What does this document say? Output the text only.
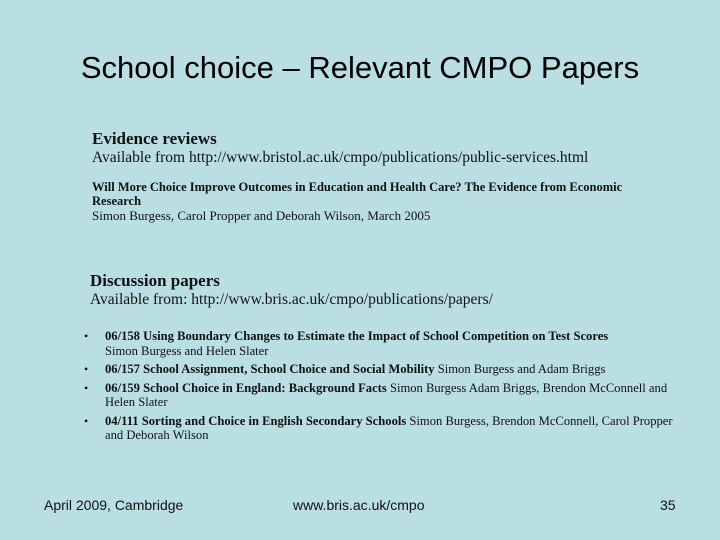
School choice – Relevant CMPO Papers
Evidence reviews
Available from http://www.bristol.ac.uk/cmpo/publications/public-services.html
Will More Choice Improve Outcomes in Education and Health Care? The Evidence from Economic
Research
Simon Burgess, Carol Propper and Deborah Wilson, March 2005
Discussion papers
Available from: http://www.bris.ac.uk/cmpo/publications/papers/
• 06/158 Using Boundary Changes to Estimate the Impact of School Competition on Test Scores
Simon Burgess and Helen Slater
• 06/157 School Assignment, School Choice and Social Mobility Simon Burgess and Adam Briggs
• 06/159 School Choice in England: Background Facts Simon Burgess Adam Briggs, Brendon McConnell and Helen Slater
• 04/111 Sorting and Choice in English Secondary Schools Simon Burgess, Brendon McConnell, Carol Propper and Deborah Wilson
April 2009, Cambridge	www.bris.ac.uk/cmpo	35
